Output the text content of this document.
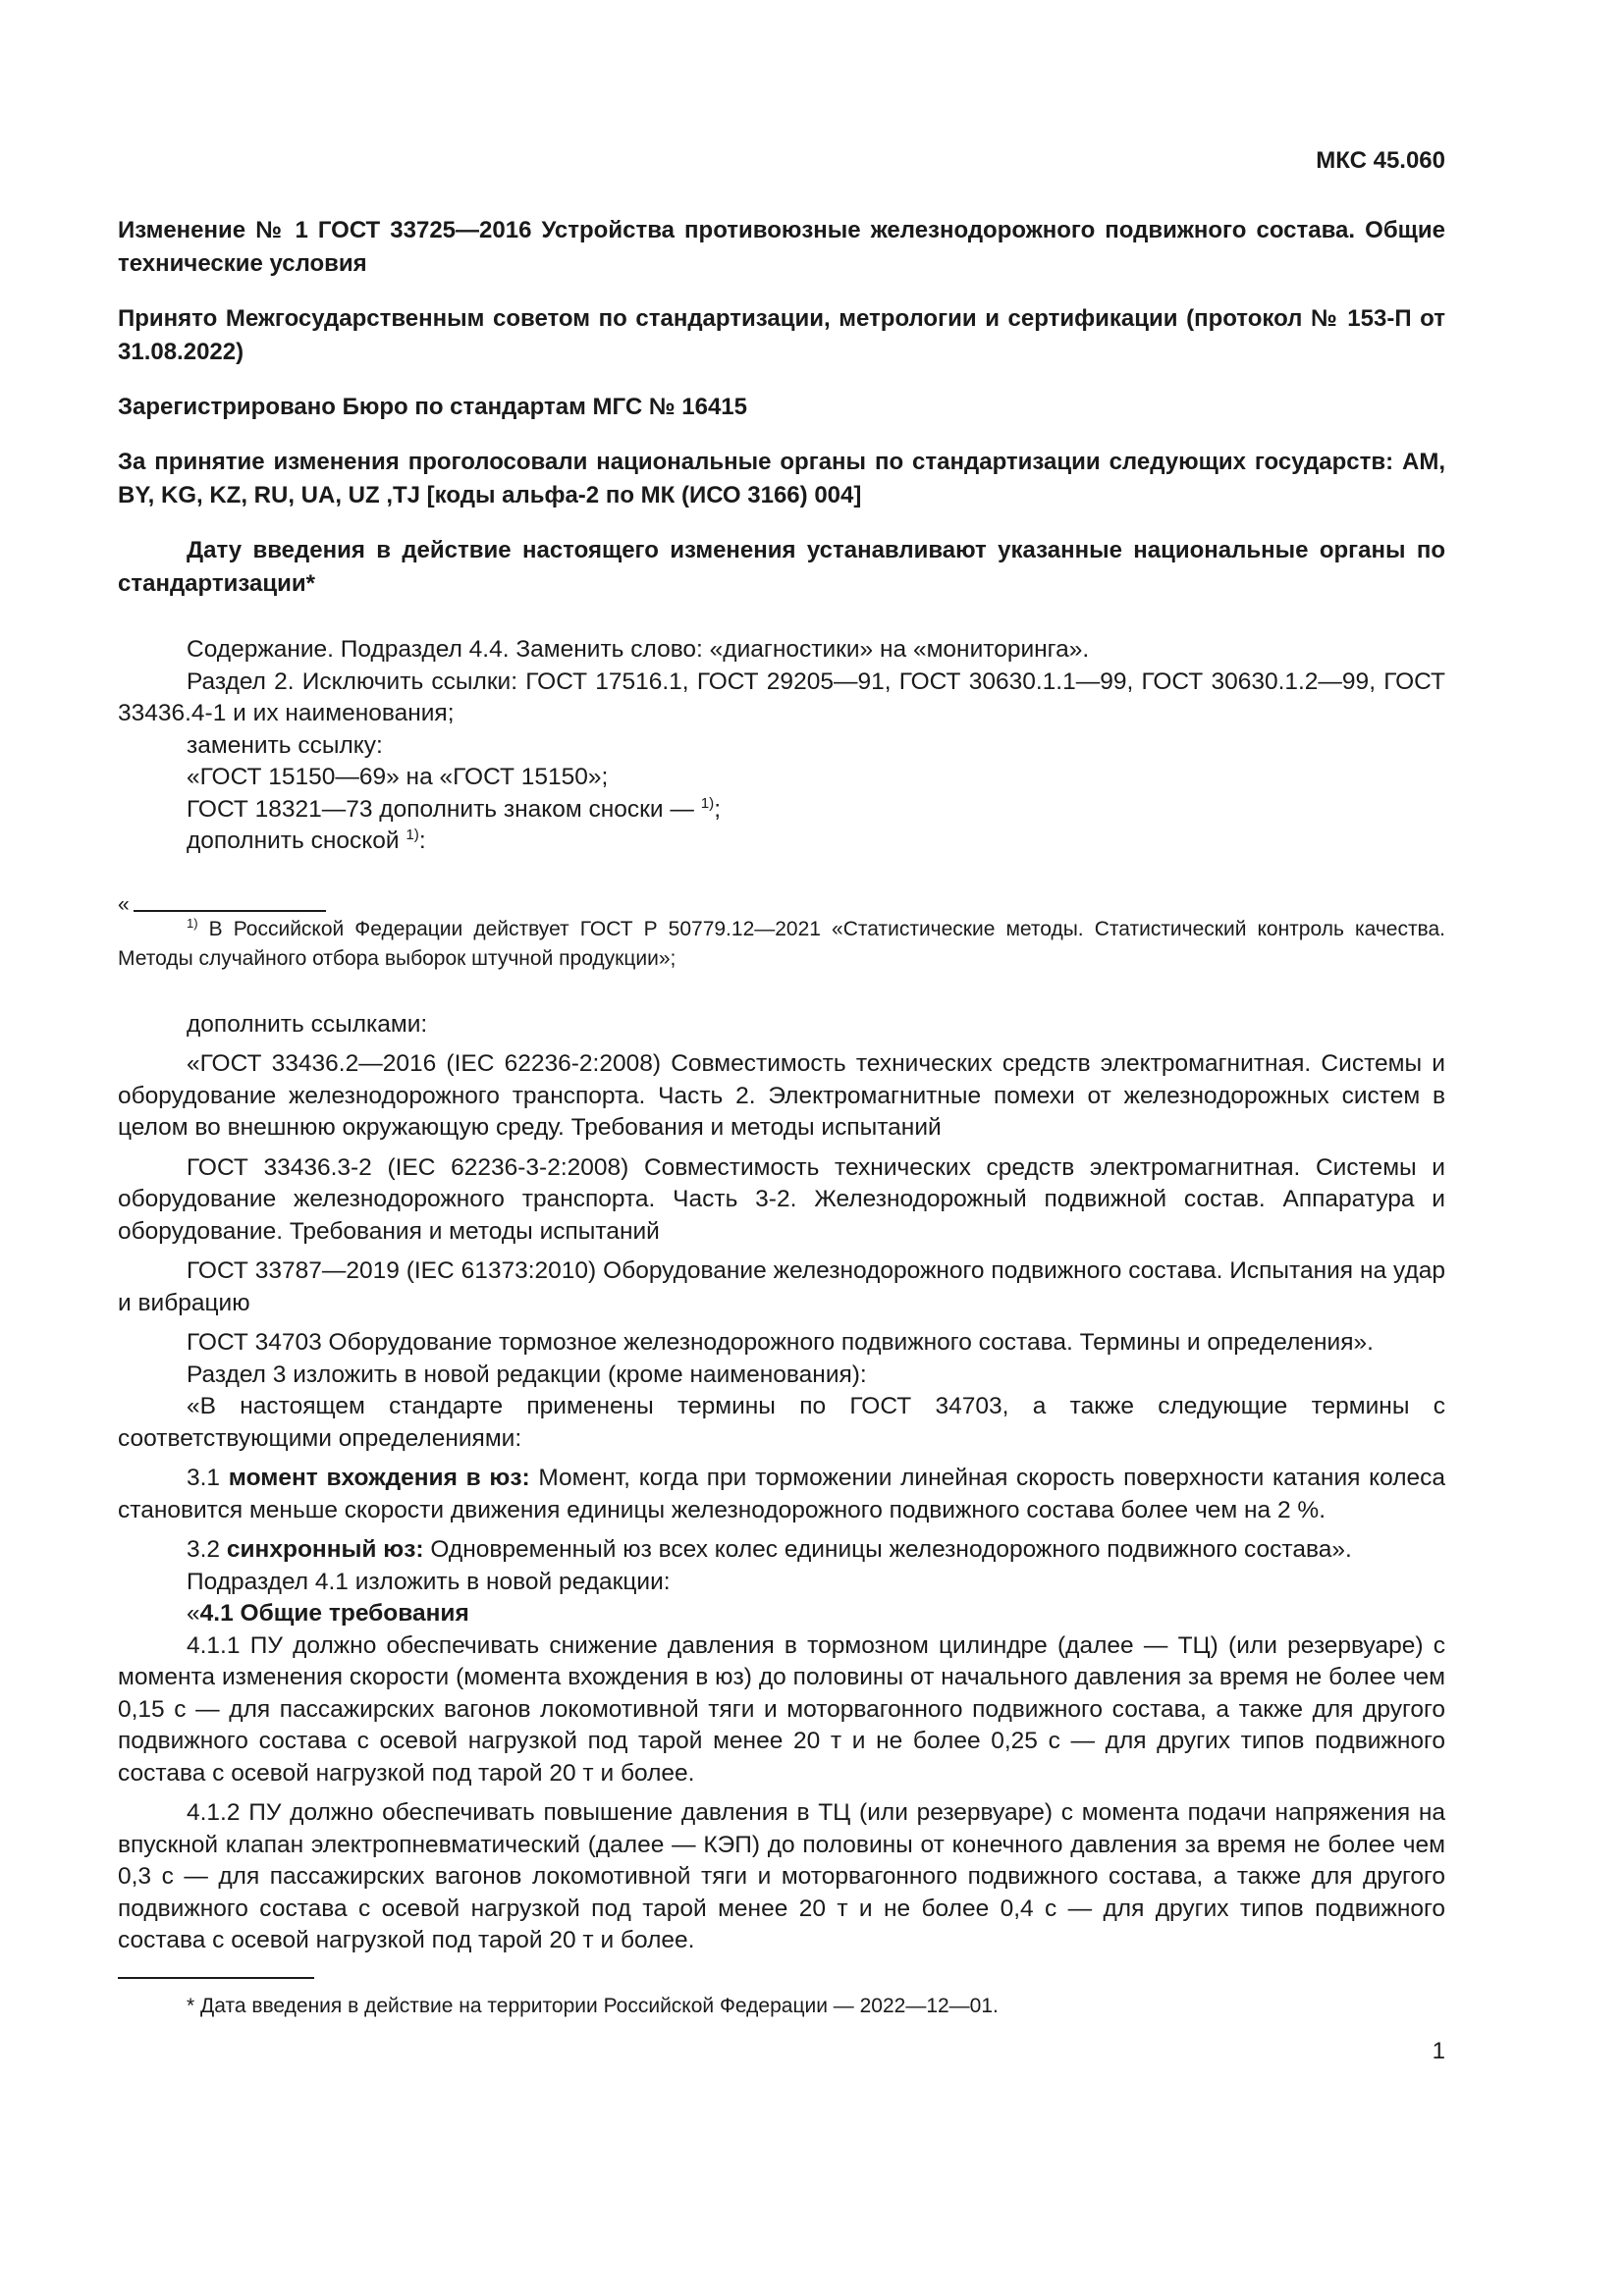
МКС 45.060

Изменение № 1 ГОСТ 33725—2016 Устройства противоюзные железнодорожного подвижного состава. Общие технические условия

Принято Межгосударственным советом по стандартизации, метрологии и сертификации (протокол № 153-П от 31.08.2022)

Зарегистрировано Бюро по стандартам МГС № 16415

За принятие изменения проголосовали национальные органы по стандартизации следующих государств: AM, BY, KG, KZ, RU, UA, UZ ,TJ [коды альфа-2 по МК (ИСО 3166) 004]

Дату введения в действие настоящего изменения устанавливают указанные национальные органы по стандартизации*

Содержание. Подраздел 4.4. Заменить слово: «диагностики» на «мониторинга».

Раздел 2. Исключить ссылки: ГОСТ 17516.1, ГОСТ 29205—91, ГОСТ 30630.1.1—99, ГОСТ 30630.1.2—99, ГОСТ 33436.4-1 и их наименования;

заменить ссылку:

«ГОСТ 15150—69» на «ГОСТ 15150»;

ГОСТ 18321—73 дополнить знаком сноски — $^{1)}$;

дополнить сноской $^{1)}$:

«

$^{1)}$ В Российской Федерации действует ГОСТ Р 50779.12—2021 «Статистические методы. Статистический контроль качества. Методы случайного отбора выборок штучной продукции»;

дополнить ссылками:

«ГОСТ 33436.2—2016 (IEC 62236-2:2008) Совместимость технических средств электромагнитная. Системы и оборудование железнодорожного транспорта. Часть 2. Электромагнитные помехи от железнодорожных систем в целом во внешнюю окружающую среду. Требования и методы испытаний

ГОСТ 33436.3-2 (IEC 62236-3-2:2008) Совместимость технических средств электромагнитная. Системы и оборудование железнодорожного транспорта. Часть 3-2. Железнодорожный подвижной состав. Аппаратура и оборудование. Требования и методы испытаний

ГОСТ 33787—2019 (IEC 61373:2010) Оборудование железнодорожного подвижного состава. Испытания на удар и вибрацию

ГОСТ 34703 Оборудование тормозное железнодорожного подвижного состава. Термины и определения».

Раздел 3 изложить в новой редакции (кроме наименования):

«В настоящем стандарте применены термины по ГОСТ 34703, а также следующие термины с соответствующими определениями:

3.1 момент вхождения в юз: Момент, когда при торможении линейная скорость поверхности катания колеса становится меньше скорости движения единицы железнодорожного подвижного состава более чем на 2 %.

3.2 синхронный юз: Одновременный юз всех колес единицы железнодорожного подвижного состава».

Подраздел 4.1 изложить в новой редакции:

«4.1 Общие требования

4.1.1 ПУ должно обеспечивать снижение давления в тормозном цилиндре (далее — ТЦ) (или резервуаре) с момента изменения скорости (момента вхождения в юз) до половины от начального давления за время не более чем 0,15 с — для пассажирских вагонов локомотивной тяги и моторвагонного подвижного состава, а также для другого подвижного состава с осевой нагрузкой под тарой менее 20 т и не более 0,25 с — для других типов подвижного состава с осевой нагрузкой под тарой 20 т и более.

4.1.2 ПУ должно обеспечивать повышение давления в ТЦ (или резервуаре) с момента подачи напряжения на впускной клапан электропневматический (далее — КЭП) до половины от конечного давления за время не более чем 0,3 с — для пассажирских вагонов локомотивной тяги и моторвагонного подвижного состава, а также для другого подвижного состава с осевой нагрузкой под тарой менее 20 т и не более 0,4 с — для других типов подвижного состава с осевой нагрузкой под тарой 20 т и более.

* Дата введения в действие на территории Российской Федерации — 2022—12—01.
1
